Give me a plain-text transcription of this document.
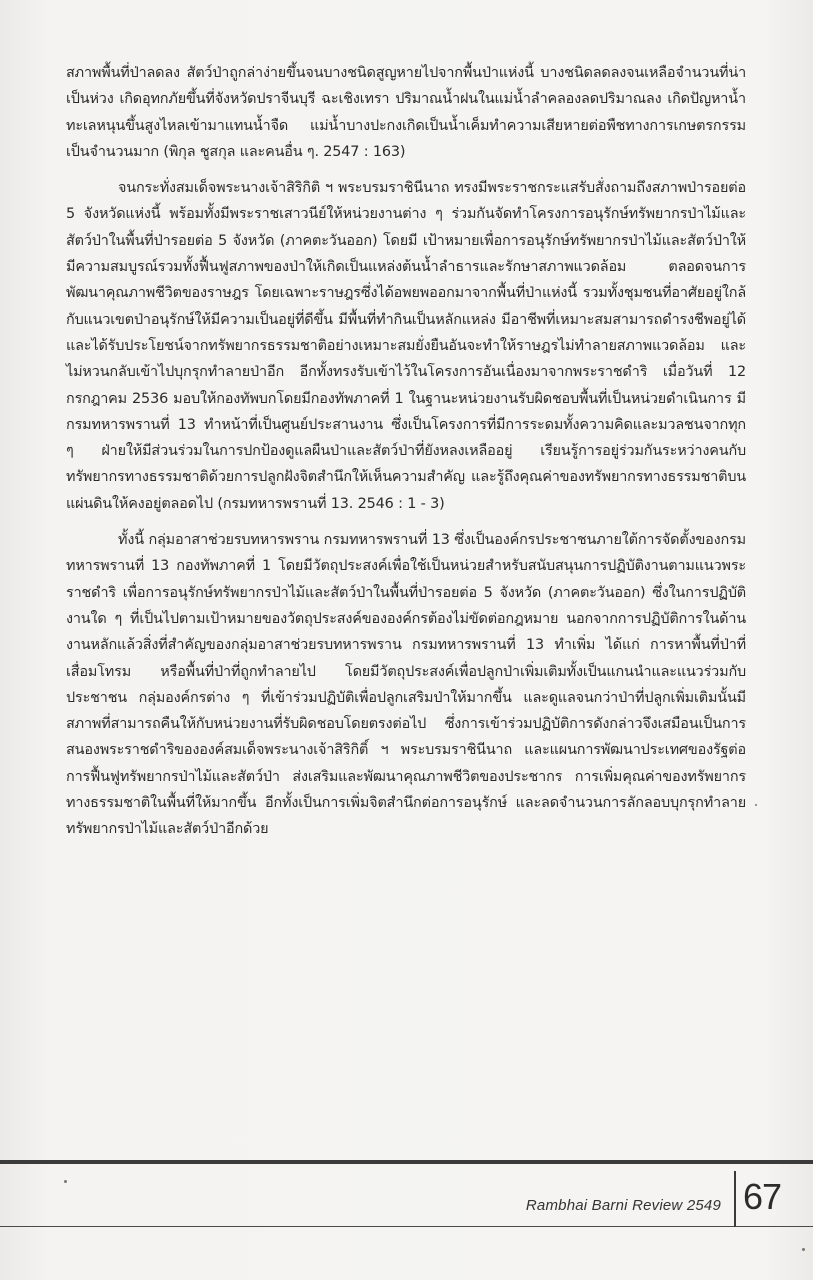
สภาพพื้นที่ป่าลดลง สัตว์ป่าถูกล่าง่ายขึ้นจนบางชนิดสูญหายไปจากพื้นป่าแห่งนี้ บางชนิดลดลงจนเหลือจำนวนที่น่าเป็นห่วง เกิดอุทกภัยขึ้นที่จังหวัดปราจีนบุรี ฉะเชิงเทรา ปริมาณน้ำฝนในแม่น้ำลำคลองลดปริมาณลง เกิดปัญหาน้ำทะเลหนุนขึ้นสูงไหลเข้ามาแทนน้ำจืด แม่น้ำบางปะกงเกิดเป็นน้ำเค็มทำความเสียหายต่อพืชทางการเกษตรกรรมเป็นจำนวนมาก (พิกุล ชูสกุล และคนอื่น ๆ. 2547 : 163)

จนกระทั่งสมเด็จพระนางเจ้าสิริกิติ ฯ พระบรมราชินีนาถ ทรงมีพระราชกระแสรับสั่งถามถึงสภาพป่ารอยต่อ 5 จังหวัดแห่งนี้ พร้อมทั้งมีพระราชเสาวนีย์ให้หน่วยงานต่าง ๆ ร่วมกันจัดทำโครงการอนุรักษ์ทรัพยากรป่าไม้และสัตว์ป่าในพื้นที่ป่ารอยต่อ 5 จังหวัด (ภาคตะวันออก) โดยมี เป้าหมายเพื่อการอนุรักษ์ทรัพยากรป่าไม้และสัตว์ป่าให้มีความสมบูรณ์รวมทั้งฟื้นฟูสภาพของป่าให้เกิดเป็นแหล่งต้นน้ำลำธารและรักษาสภาพแวดล้อม ตลอดจนการพัฒนาคุณภาพชีวิตของราษฎร โดยเฉพาะราษฎรซึ่งได้อพยพออกมาจากพื้นที่ป่าแห่งนี้ รวมทั้งชุมชนที่อาศัยอยู่ใกล้กับแนวเขตป่าอนุรักษ์ให้มีความเป็นอยู่ที่ดีขึ้น มีพื้นที่ทำกินเป็นหลักแหล่ง มีอาชีพที่เหมาะสมสามารถดำรงชีพอยู่ได้และได้รับประโยชน์จากทรัพยากรธรรมชาติอย่างเหมาะสมยั่งยืนอันจะทำให้ราษฎรไม่ทำลายสภาพแวดล้อม และไม่หวนกลับเข้าไปบุกรุกทำลายป่าอีก อีกทั้งทรงรับเข้าไว้ในโครงการอันเนื่องมาจากพระราชดำริ เมื่อวันที่ 12 กรกฎาคม 2536 มอบให้กองทัพบกโดยมีกองทัพภาคที่ 1 ในฐานะหน่วยงานรับผิดชอบพื้นที่เป็นหน่วยดำเนินการ มีกรมทหารพรานที่ 13 ทำหน้าที่เป็นศูนย์ประสานงาน ซึ่งเป็นโครงการที่มีการระดมทั้งความคิดและมวลชนจากทุก ๆ ฝ่ายให้มีส่วนร่วมในการปกป้องดูแลผืนป่าและสัตว์ป่าที่ยังหลงเหลืออยู่ เรียนรู้การอยู่ร่วมกันระหว่างคนกับทรัพยากรทางธรรมชาติด้วยการปลูกฝังจิตสำนึกให้เห็นความสำคัญ และรู้ถึงคุณค่าของทรัพยากรทางธรรมชาติบนแผ่นดินให้คงอยู่ตลอดไป (กรมทหารพรานที่ 13. 2546 : 1 - 3)

ทั้งนี้ กลุ่มอาสาช่วยรบทหารพราน กรมทหารพรานที่ 13 ซึ่งเป็นองค์กรประชาชนภายใต้การจัดตั้งของกรมทหารพรานที่ 13 กองทัพภาคที่ 1 โดยมีวัตถุประสงค์เพื่อใช้เป็นหน่วยสำหรับสนับสนุนการปฏิบัติงานตามแนวพระราชดำริ เพื่อการอนุรักษ์ทรัพยากรป่าไม้และสัตว์ป่าในพื้นที่ป่ารอยต่อ 5 จังหวัด (ภาคตะวันออก) ซึ่งในการปฏิบัติงานใด ๆ ที่เป็นไปตามเป้าหมายของวัตถุประสงค์ขององค์กรต้องไม่ขัดต่อกฎหมาย นอกจากการปฏิบัติการในด้านงานหลักแล้วสิ่งที่สำคัญของกลุ่มอาสาช่วยรบทหารพราน กรมทหารพรานที่ 13 ทำเพิ่ม ได้แก่ การหาพื้นที่ป่าที่เสื่อมโทรม หรือพื้นที่ป่าที่ถูกทำลายไป โดยมีวัตถุประสงค์เพื่อปลูกป่าเพิ่มเติมทั้งเป็นแกนนำและแนวร่วมกับประชาชน กลุ่มองค์กรต่าง ๆ ที่เข้าร่วมปฏิบัติเพื่อปลูกเสริมป่าให้มากขึ้น และดูแลจนกว่าป่าที่ปลูกเพิ่มเติมนั้นมีสภาพที่สามารถคืนให้กับหน่วยงานที่รับผิดชอบโดยตรงต่อไป ซึ่งการเข้าร่วมปฏิบัติการดังกล่าวจึงเสมือนเป็นการสนองพระราชดำริขององค์สมเด็จพระนางเจ้าสิริกิติ์ ฯ พระบรมราชินีนาถ และแผนการพัฒนาประเทศของรัฐต่อการฟื้นฟูทรัพยากรป่าไม้และสัตว์ป่า ส่งเสริมและพัฒนาคุณภาพชีวิตของประชากร การเพิ่มคุณค่าของทรัพยากรทางธรรมชาติในพื้นที่ให้มากขึ้น อีกทั้งเป็นการเพิ่มจิตสำนึกต่อการอนุรักษ์ และลดจำนวนการลักลอบบุกรุกทำลายทรัพยากรป่าไม้และสัตว์ป่าอีกด้วย

Rambhai Barni Review 2549 67
